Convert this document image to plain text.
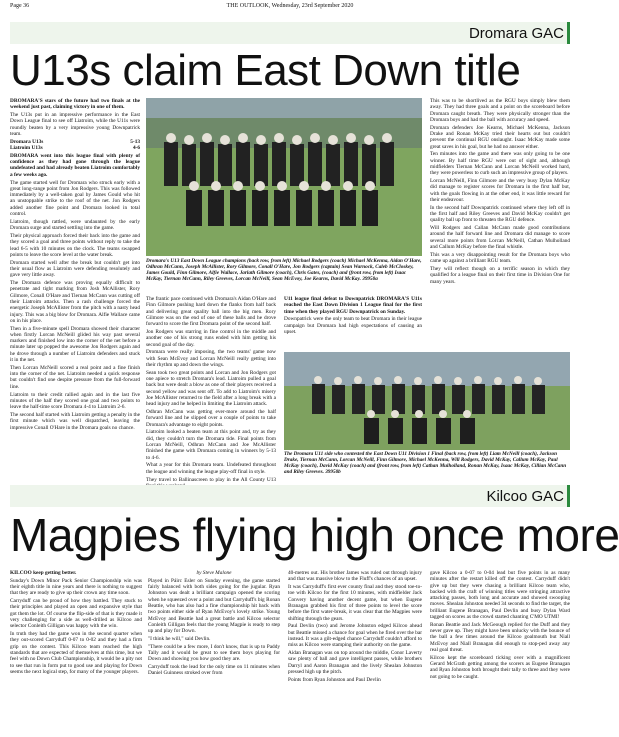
Page 36	THE OUTLOOK, Wednesday, 23rd September 2020
Dromara GAC
U13s claim East Down title

DROMARA'S stars of the future had two finals at the weekend just past, claiming victory in one of them.

The U13s put in an impressive performance in the East Down League final to see off Liatroim, while the U11s were roundly beaten by a very impressive young Downpatrick team.

Dromara U13s	5-13
Liatroim U13s	4-6

DROMARA went into this league final with plenty of confidence as they had gone through the league undefeated and had already beaten Liatroim comfortably a few weeks ago.

The game started well for Dromara who struck early with a great long-range point from Jon Rodgers. This was followed immediately by a well-taken goal by James Gould who hit an unstoppable strike to the roof of the net. Jon Rodgers added another fine point and Dromara looked in total control.

Liatroim, though rattled, were undaunted by the early Dromara surge and started settling into the game.

Their physical approach forced their back into the game and they scored a goal and three points without reply to take the lead 6-5 with 10 minutes on the clock. The teams swapped points to leave the score level at the water break.

Dromara started well after the break but couldn't get into their usual flow as Liatroim were defending resolutely and gave very little away.

The Dromara defence was proving equally difficult to penetrate and tight marking from Josh McAllister, Rory Gilmore, Conall O'Hare and Tiernan McCann was cutting off their Liatroim attacks. Then a rash challenge forced the energetic Joseph McAllister from the pitch with a nasty head injury. This was a big blow for Dromara. Alfie Wallace came on in his place.

Then in a five-minute spell Dromara showed their character when firstly Lorcan McNeill glided his way past several markers and finished low into the corner of the net before a minute later up popped the awesome Jon Rodgers again and he drove through a number of Liatroim defenders and stuck it in the net.

Then Lorcan McNeill scored a real point and a fine finish into the corner of the net. Liatroim needed a quick response but couldn't find one despite pressure from the full-forward line.

Liatroim to their credit rallied again and in the last five minutes of the half they scored one goal and two points to leave the half-time score Dromara 4-4 to Liatroim 2-6.

The second half started with Liatroim getting a penalty in the first minute which was well dispatched, leaving the impressive Conall O'Hare in the Dromara goals no chance.

Dromara's U13 East Down League champions (back row, from left) Michael Rodgers (coach) Michael McKenna, Aidan O'Hare, Odhran McCann, Joseph McAllister, Rory Gilmore, Conall O'Hare, Jon Rodgers (captain) Sean Warnock, Caleb McCloskey, James Gould, Finn Gilmore, Alfie Wallace, Jarlath Gilmore (coach), Chris Gates, (coach) and (front row, from left) Isaac McKay, Tiernan McCann, Riley Greeves, Lorcan McNeill, Sean McEvoy, Joe Kearns, David McKay. 39950a

The frantic pace continued with Dromara's Aidan O'Hare and Finn Gilmore pushing hard down the flanks from half back and delivering great quality ball into the big men. Rory Gilmore was on the end of one of these balls and he drove forward to score the first Dromara point of the second half.

Jon Rodgers was starring in fine control in the middle and another one of his strong runs ended with him getting his second goal of the day.

Dromara were really imposing, the two teams' game now with Sean McEvoy and Lorcan McNeill really getting into their rhythm up and down the wings.

Sean took two great points and Lorcan and Jon Rodgers got one apiece to stretch Dromara's lead. Liatroim pulled a goal back but were dealt a blow as one of their players received a second yellow and was sent off. To add to Liatroim's misery Joe McAllister returned to the field after a long break with a head injury and he helped in limiting the Liatroim attack.

Odhran McCann was getting ever-more around the half forward line and he slipped over a couple of points to take Dromara's advantage to eight points.

Liatroim looked a beaten team at this point and, try as they did, they couldn't turn the Dromara tide. Final points from Lorcan McNeill, Odhran McCann and Joe McAllister finished the game with Dromara coming in winners by 5-13 to 4-6.

What a year for this Dromara team. Undefeated throughout the league and winning the league play-off final in style.

They travel to Ballinascreen to play in the All County U13

U11 league final defeat to Downpatrick DROMARA'S U11s reached the East Down Division 1 League final for the first time when they played RGU Downpatrick on Sunday.

Downpatrick were the only team to beat Dromara in their league campaign but Dromara had high expectations of causing an upset.

This was to be shortlived as the RGU boys simply blew them away. They had three goals and a point on the scoreboard before Dromara caught breath. They were physically stronger than the Dromara boys and had the ball with accuracy and speed.

Dromara defenders Joe Kearns, Michael McKenna, Jackson Drake and Ronan McKay tried their hearts out but couldn't prevent the continual RGU onslaught. Isaac McKay made some great saves in his goal, but he had no answer either.

Ten minutes into the game and there was only going to be one winner. By half time RGU were out of sight and, although midfielders Tiernan McCann and Lorcan McNeill worked hard, they were powerless to curb such an impressive group of players.

Lorcan McNeill, Finn Gilmore and the very busy Dylan McKay did manage to register scores for Dromara in the first half but, with the goals flowing in at the other end, it was little reward for their endeavour.

In the second half Downpatrick continued where they left off in the first half and Riley Greeves and David McKay couldn't get quality ball up front to threaten the RGU defence.

Will Rodgers and Callan McCann made good contributions around the half forward line and Dromara did manage to score several more points from Lorcan McNeill, Cathan Mulholland and Callum McKay before the final whistle.

This was a very disappointing result for the Dromara boys who came up against a brilliant RGU team.

They will reflect though on a terrific season in which they qualified for a league final on their first time in Division One for many years.

The Dromara U11 side who contested the East Down U11 Division 1 Final (back row, from left) Liam McNeill (coach), Jackson Drake, Tiernan McCann, Lorcan McNeill, Finn Gilmore, Michael McKenna, Will Rodgers, David McKay, Callum McKay, Paul McKay (coach), David McKay (coach) and (front row, from left) Cathan Mulholland, Ronan McKay, Isaac McKay, Cillian McCann and Riley Greeves. 39950b
Kilcoo GAC
Magpies flying high once more

KILCOO keep getting better.

Sunday's Down Minor Pack Senior Championship win was their eighth title in nine years and there is nothing to suggest that they are ready to give up their crown any time soon.

Carryduff can be proud of how they battled. They stuck to their principles and played an open and expansive style that got them the lot. Of course the flip-side of that is they made it very challenging for a side as well-drilled as Kilcoo and selector Conleith Gilligan was happy with the win.

In truth they had the game won in the second quarter when they out-scored Carryduff 0-07 to 0-02 and they had a firm grip on the contest. This Kilcoo team reached the high standards that are expected of themselves at this time, but we feel with no Down Club Championship, it would be a pity not to see that run in form put to good use and playing for Down seems the next logical step, for many of the younger players.

by Steve Malone

Played in Páirc Esler on Sunday evening, the game started fairly balanced with both sides going for the jugular. Ryan Johnston was dealt a brilliant campaign opened the scoring when he squeezed over a point and but Carryduff's big Ronan Beattie, who has also had a fine championship hit back with two points either side of Ryan McEvoy's lovely strike. Young McEvoy and Beattie had a great battle and Kilcoo selector Conleith Gilligan feels that the young Magpie is ready to step up and play for Down.

"I think he will," said Devlin.

"There could be a few more, I don't know, that is up to Paddy Tally and it would be great to see them boys playing for Down and showing you how good they are.

Carryduff took the lead for the only time on 11 minutes when Daniel Guinness stroked over from

40-metres out. His brother James was ruled out through injury and that was massive blow to the Fluff's chances of an upset.

It was Carryduff's first ever county final and they stood toe-to-toe with Kilcoo for the first 10 minutes, with midfielder Jack Convery having another decent game, but when Eugene Branagan grabbed his first of three points to level the score before the first water-break, it was clear that the Magpies were shifting through the gears.

Paul Devlin (two) and Jerome Johnston edged Kilcoo ahead but Beattie missed a chance for goal when he fired over the bar instead. It was a gilt-edged chance Carryduff couldn't afford to miss as Kilcoo were stamping their authority on the game.

Aidan Branagan was on top around the middle, Conor Laverty saw plenty of ball and gave intelligent passes, while brothers Darryl and Aaron Branagan and the lively Shealan Johnston pressed high up the pitch.

Points from Ryan Johnston and Paul Devlin

gave Kilcoo a 0-07 to 0-04 lead but five points in as many minutes after the restart killed off the contest. Carryduff didn't give up but they were chasing a brilliant Kilcoo team who, backed with the craft of winning titles were stringing attractive attacking passes, both long and accurate and showed swooping moves. Shealan Johnston needed 34 seconds to find the target, the brilliant Eugene Branagan, Paul Devlin and busy Dylan Ward tagged on scores as the crowd started chanting C'MO UTMI!

Ronan Beattie and Jack McGeough replied for the Duff and they never gave up. They might have been unlucky with the bounce of the ball a few times around the Kilcoo goalmouth but Niall McEvoy and Niall Branagan did enough to stop-ped away any real goal threat.

Kilcoo kept the scoreboard ticking over with a magnificent Gerard McGrath getting among the scorers as Eugene Branagan and Ryan Johnston both brought their tally to three and they were not going to be caught.
